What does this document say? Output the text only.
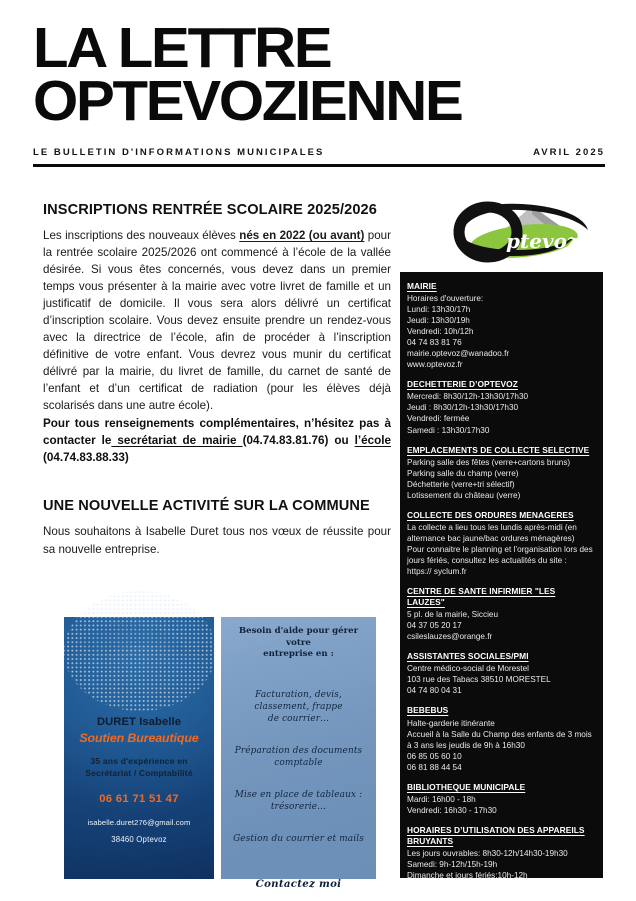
LA LETTRE
OPTEVOZIENNE
LE BULLETIN D'INFORMATIONS MUNICIPALES	AVRIL 2025
ptevoz
INSCRIPTIONS RENTRÉE SCOLAIRE 2025/2026

Les inscriptions des nouveaux élèves nés en 2022 (ou avant) pour la rentrée scolaire 2025/2026 ont commencé à l’école de la vallée désirée. Si vous êtes concernés, vous devez dans un premier temps vous présenter à la mairie avec votre livret de famille et un justificatif de domicile. Il vous sera alors délivré un certificat d’inscription scolaire. Vous devez ensuite prendre un rendez-vous avec la directrice de l’école, afin de procéder à l’inscription définitive de votre enfant. Vous devrez vous munir du certificat délivré par la mairie, du livret de famille, du carnet de santé de l’enfant et d’un certificat de radiation (pour les élèves déjà scolarisés dans une autre école).

Pour tous renseignements complémentaires, n’hésitez pas à contacter le secrétariat de mairie (04.74.83.81.76) ou l’école (04.74.83.88.33)

UNE NOUVELLE ACTIVITÉ SUR LA COMMUNE

Nous souhaitons à Isabelle Duret tous nos vœux de réussite pour sa nouvelle entreprise.

MAIRIE
Horaires d'ouverture:
Lundi: 13h30/17h
Jeudi: 13h30/19h
Vendredi: 10h/12h
04 74 83 81 76
mairie.optevoz@wanadoo.fr
www.optevoz.fr
DECHETTERIE D’OPTEVOZ
Mercredi: 8h30/12h-13h30/17h30
Jeudi : 8h30/12h-13h30/17h30
Vendredi: fermée
Samedi : 13h30/17h30
EMPLACEMENTS DE COLLECTE SELECTIVE
Parking salle des fêtes (verre+cartons bruns)
Parking salle du champ (verre)
Déchetterie (verre+tri sélectif)
Lotissement du château (verre)
COLLECTE DES ORDURES MENAGERES
La collecte a lieu tous les lundis après-midi (en alternance bac jaune/bac ordures ménagères)
Pour connaitre le planning et l’organisation lors des jours fériés, consultez les actualités du site :
https:// syclum.fr
CENTRE DE SANTE INFIRMIER "LES LAUZES"
5 pl. de la mairie, Siccieu
04 37 05 20 17
csileslauzes@orange.fr
ASSISTANTES SOCIALES/PMI
Centre médico-social de Morestel
103 rue des Tabacs 38510 MORESTEL
04 74 80 04 31
BEBEBUS
Halte-garderie itinérante
Accueil à la Salle du Champ des enfants de 3 mois à 3 ans les jeudis de 9h à 16h30
06 85 05 60 10
06 81 88 44 54
BIBLIOTHEQUE MUNICIPALE
Mardi: 16h00 - 18h
Vendredi: 16h30 - 17h30
HORAIRES D’UTILISATION DES APPAREILS BRUYANTS
Les jours ouvrables: 8h30-12h/14h30-19h30
Samedi: 9h-12h/15h-19h
Dimanche et jours fériés:10h-12h
DURET Isabelle
Soutien Bureautique
35 ans d'expérience en
Secrétariat / Comptabilité
06 61 71 51 47
isabelle.duret276@gmail.com
38460 Optevoz
Besoin d'aide pour gérer votre
entreprise en :
Facturation, devis, classement, frappe
de courrier…
Préparation des documents comptable
Mise en place de tableaux : trésorerie…
Gestion du courrier et mails
Contactez moi
